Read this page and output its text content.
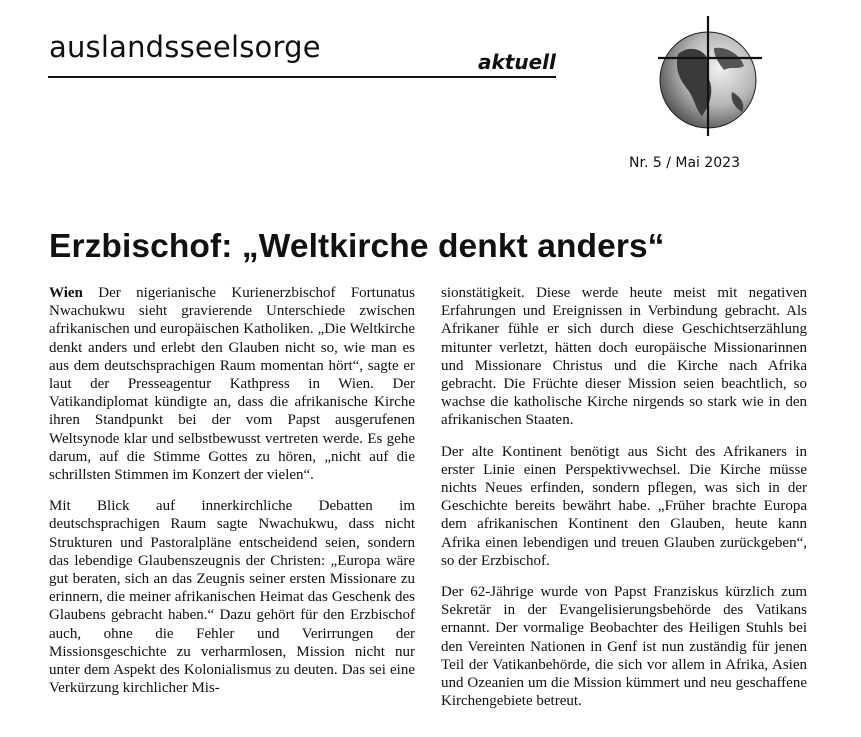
auslandsseelsorge	aktuell
Nr. 5 / Mai 2023
Erzbischof: „Weltkirche denkt anders“

Wien Der nigerianische Kurienerzbischof Fortunatus Nwachukwu sieht gravierende Unterschiede zwischen afrikanischen und europäischen Katholiken. „Die Weltkirche denkt anders und erlebt den Glauben nicht so, wie man es aus dem deutschsprachigen Raum momentan hört“, sagte er laut der Presseagentur Kathpress in Wien. Der Vatikandiplomat kündigte an, dass die afrikanische Kirche ihren Standpunkt bei der vom Papst ausgerufenen Weltsynode klar und selbstbewusst vertreten werde. Es gehe darum, auf die Stimme Gottes zu hören, „nicht auf die schrillsten Stimmen im Konzert der vielen“.

Mit Blick auf innerkirchliche Debatten im deutschsprachigen Raum sagte Nwachukwu, dass nicht Strukturen und Pastoralpläne entscheidend seien, sondern das lebendige Glaubenszeugnis der Christen: „Europa wäre gut beraten, sich an das Zeugnis seiner ersten Missionare zu erinnern, die meiner afrikanischen Heimat das Geschenk des Glaubens gebracht haben.“ Dazu gehört für den Erzbischof auch, ohne die Fehler und Verirrungen der Missionsgeschichte zu verharmlosen, Mission nicht nur unter dem Aspekt des Kolonialismus zu deuten. Das sei eine Verkürzung kirchlicher Mis-

sionstätigkeit. Diese werde heute meist mit negativen Erfahrungen und Ereignissen in Verbindung gebracht. Als Afrikaner fühle er sich durch diese Geschichtserzählung mitunter verletzt, hätten doch europäische Missionarinnen und Missionare Christus und die Kirche nach Afrika gebracht. Die Früchte dieser Mission seien beachtlich, so wachse die katholische Kirche nirgends so stark wie in den afrikanischen Staaten.

Der alte Kontinent benötigt aus Sicht des Afrikaners in erster Linie einen Perspektivwechsel. Die Kirche müsse nichts Neues erfinden, sondern pflegen, was sich in der Geschichte bereits bewährt habe. „Früher brachte Europa dem afrikanischen Kontinent den Glauben, heute kann Afrika einen lebendigen und treuen Glauben zurückgeben“, so der Erzbischof.

Der 62-Jährige wurde von Papst Franziskus kürzlich zum Sekretär in der Evangelisierungsbehörde des Vatikans ernannt. Der vormalige Beobachter des Heiligen Stuhls bei den Vereinten Nationen in Genf ist nun zuständig für jenen Teil der Vatikanbehörde, die sich vor allem in Afrika, Asien und Ozeanien um die Mission kümmert und neu geschaffene Kirchengebiete betreut.
